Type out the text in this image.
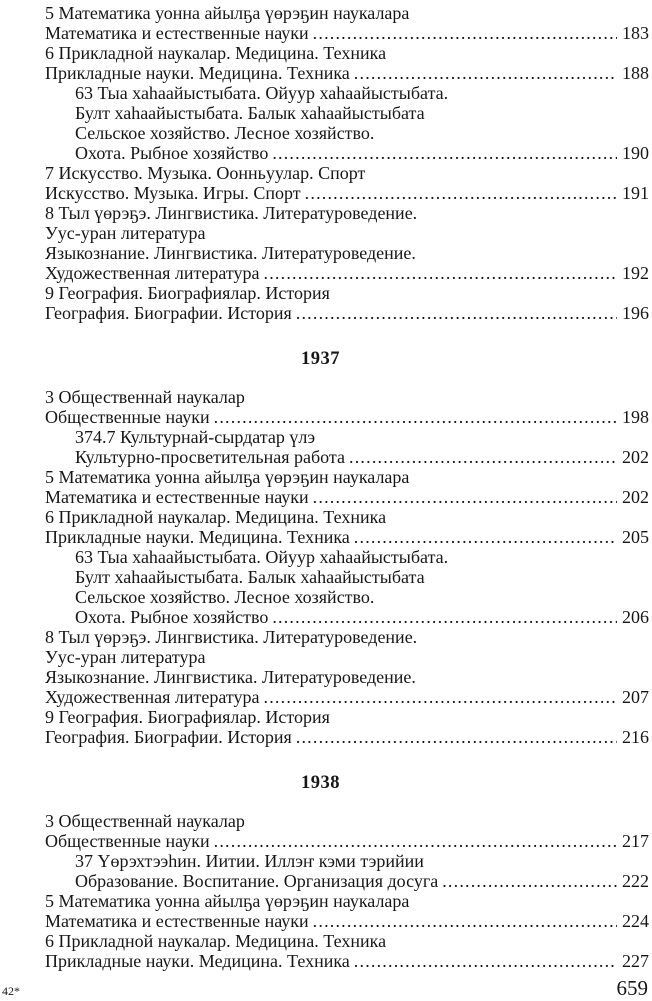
5 Математика уонна айылҕа үөрэҕин наукалара
Математика и естественные науки .....	183
6 Прикладной наукалар. Медицина. Техника
Прикладные науки. Медицина. Техника .....	188
63 Тыа хаһаайыстыбата. Ойуур хаһаайыстыбата.
Булт хаһаайыстыбата. Балык хаһаайыстыбата
Сельское хозяйство. Лесное хозяйство.
Охота. Рыбное хозяйство .....	190
7 Искусство. Музыка. Оонньуулар. Спорт
Искусство. Музыка. Игры. Спорт .....	191
8 Тыл үөрэҕэ. Лингвистика. Литературоведение.
Уус-уран литература
Языкознание. Лингвистика. Литературоведение.
Художественная литература .....	192
9 География. Биографиялар. История
География. Биографии. История .....	196
1937
3 Общественнай наукалар
Общественные науки .....	198
374.7 Культурнай-сырдатар үлэ
Культурно-просветительная работа .....	202
5 Математика уонна айылҕа үөрэҕин наукалара
Математика и естественные науки .....	202
6 Прикладной наукалар. Медицина. Техника
Прикладные науки. Медицина. Техника .....	205
63 Тыа хаһаайыстыбата. Ойуур хаһаайыстыбата.
Булт хаһаайыстыбата. Балык хаһаайыстыбата
Сельское хозяйство. Лесное хозяйство.
Охота. Рыбное хозяйство .....	206
8 Тыл үөрэҕэ. Лингвистика. Литературоведение.
Уус-уран литература
Языкознание. Лингвистика. Литературоведение.
Художественная литература .....	207
9 География. Биографиялар. История
География. Биографии. История .....	216
1938
3 Общественнай наукалар
Общественные науки .....	217
37 Үөрэхтээһин. Иитии. Иллэҥ кэми тэрийии
Образование. Воспитание. Организация досуга .....	222
5 Математика уонна айылҕа үөрэҕин наукалара
Математика и естественные науки .....	224
6 Прикладной наукалар. Медицина. Техника
Прикладные науки. Медицина. Техника .....	227
42*	659
